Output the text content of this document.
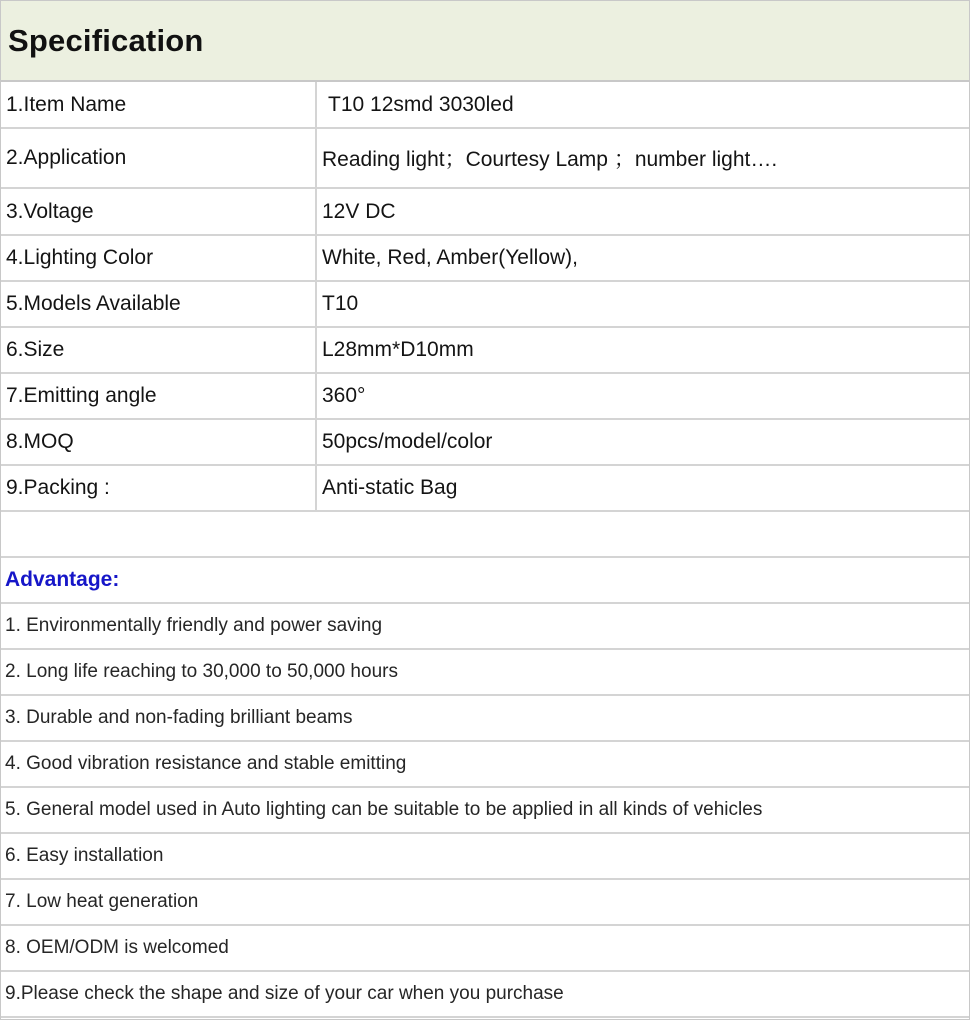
Specification
1.Item Name	T10 12smd 3030led
2.Application	Reading light；Courtesy Lamp ；number light….
3.Voltage	12V DC
4.Lighting Color	White, Red, Amber(Yellow),
5.Models Available	T10
6.Size	L28mm*D10mm
7.Emitting angle	360°
8.MOQ	50pcs/model/color
9.Packing :	Anti-static Bag
Advantage:
1. Environmentally friendly and power saving
2. Long life reaching to 30,000 to 50,000 hours
3. Durable and non-fading brilliant beams
4. Good vibration resistance and stable emitting
5. General model used in Auto lighting can be suitable to be applied in all kinds of vehicles
6. Easy installation
7. Low heat generation
8. OEM/ODM is welcomed
9.Please check the shape and size of your car when you purchase
